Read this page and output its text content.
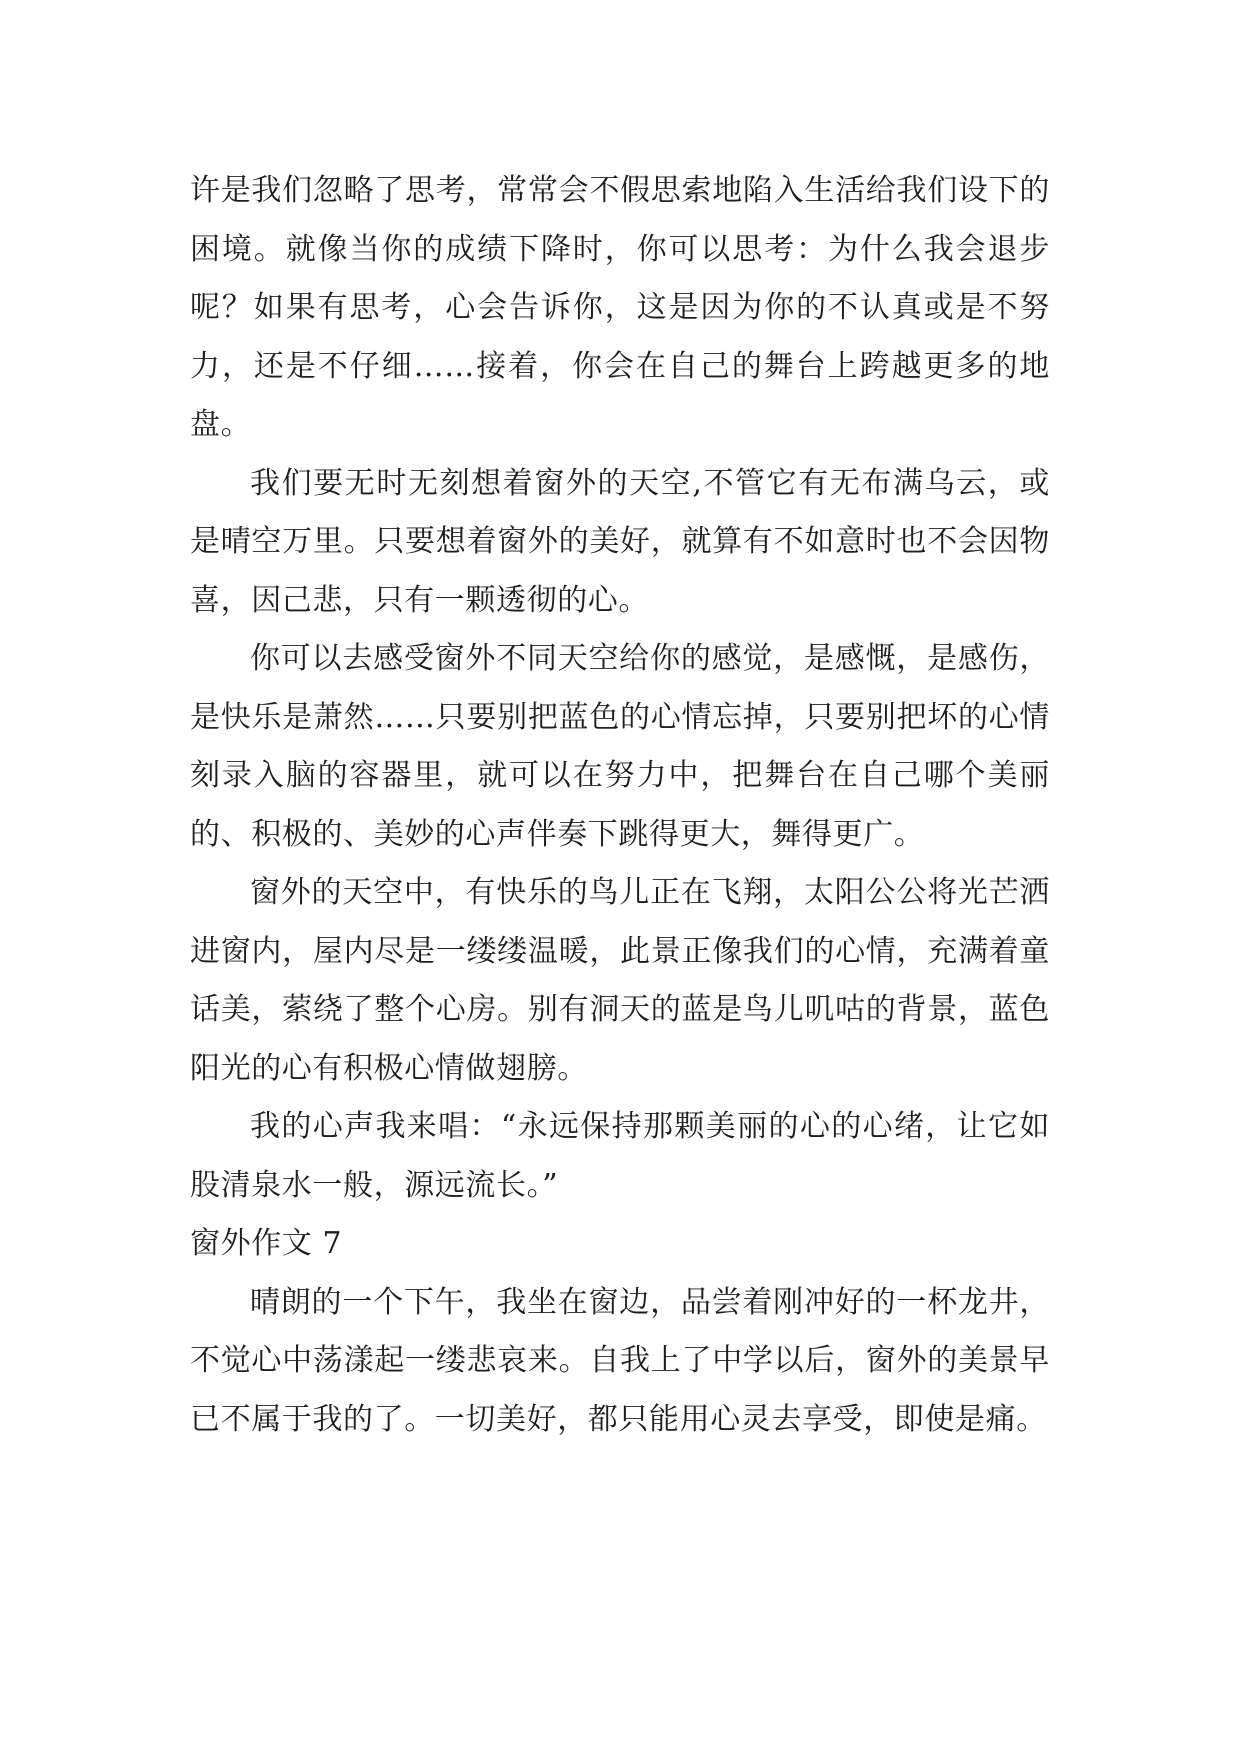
许是我们忽略了思考，常常会不假思索地陷入生活给我们设下的困境。就像当你的成绩下降时，你可以思考：为什么我会退步呢？如果有思考，心会告诉你，这是因为你的不认真或是不努力，还是不仔细……接着，你会在自己的舞台上跨越更多的地盘。

我们要无时无刻想着窗外的天空,不管它有无布满乌云，或是晴空万里。只要想着窗外的美好，就算有不如意时也不会因物喜，因己悲，只有一颗透彻的心。

你可以去感受窗外不同天空给你的感觉，是感慨，是感伤，是快乐是萧然……只要别把蓝色的心情忘掉，只要别把坏的心情刻录入脑的容器里，就可以在努力中，把舞台在自己哪个美丽的、积极的、美妙的心声伴奏下跳得更大，舞得更广。

窗外的天空中，有快乐的鸟儿正在飞翔，太阳公公将光芒洒进窗内，屋内尽是一缕缕温暖，此景正像我们的心情，充满着童话美，萦绕了整个心房。别有洞天的蓝是鸟儿叽咕的背景，蓝色阳光的心有积极心情做翅膀。

我的心声我来唱：“永远保持那颗美丽的心的心绪，让它如股清泉水一般，源远流长。”

窗外作文 7

晴朗的一个下午，我坐在窗边，品尝着刚冲好的一杯龙井，不觉心中荡漾起一缕悲哀来。自我上了中学以后，窗外的美景早已不属于我的了。一切美好，都只能用心灵去享受，即使是痛。
